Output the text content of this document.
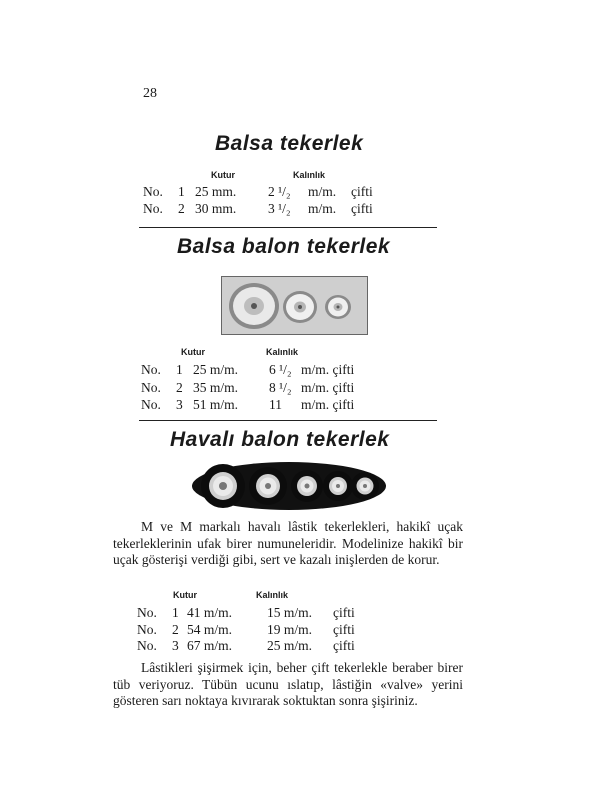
28
Balsa tekerlek
Kutur	Kalınlık
No. 1 25 mm. 2 ¹/₂ m/m. çifti
No. 2 30 mm. 3 ¹/₂ m/m. çifti
Balsa balon tekerlek
Kutur	Kalınlık
No. 1 25 m/m. 6 ¹/₂ m/m. çifti
No. 2 35 m/m. 8 ¹/₂ m/m. çifti
No. 3 51 m/m. 11 m/m. çifti
Havalı balon tekerlek

M ve M markalı havalı lâstik tekerlekleri, hakikî uçak tekerleklerinin ufak birer numuneleridir. Modelinize hakikî bir uçak gösterişi verdiği gibi, sert ve kazalı inişlerden de korur.

Kutur	Kalınlık
No. 1 41 m/m.	15 m/m. çifti
No. 2 54 m/m.	19 m/m. çifti
No. 3 67 m/m.	25 m/m. çifti

Lâstikleri şişirmek için, beher çift tekerlekle beraber birer tüb veriyoruz. Tübün ucunu ıslatıp, lâstiğin «valve» yerini gösteren sarı noktaya kıvırarak soktuktan sonra şişiriniz.
